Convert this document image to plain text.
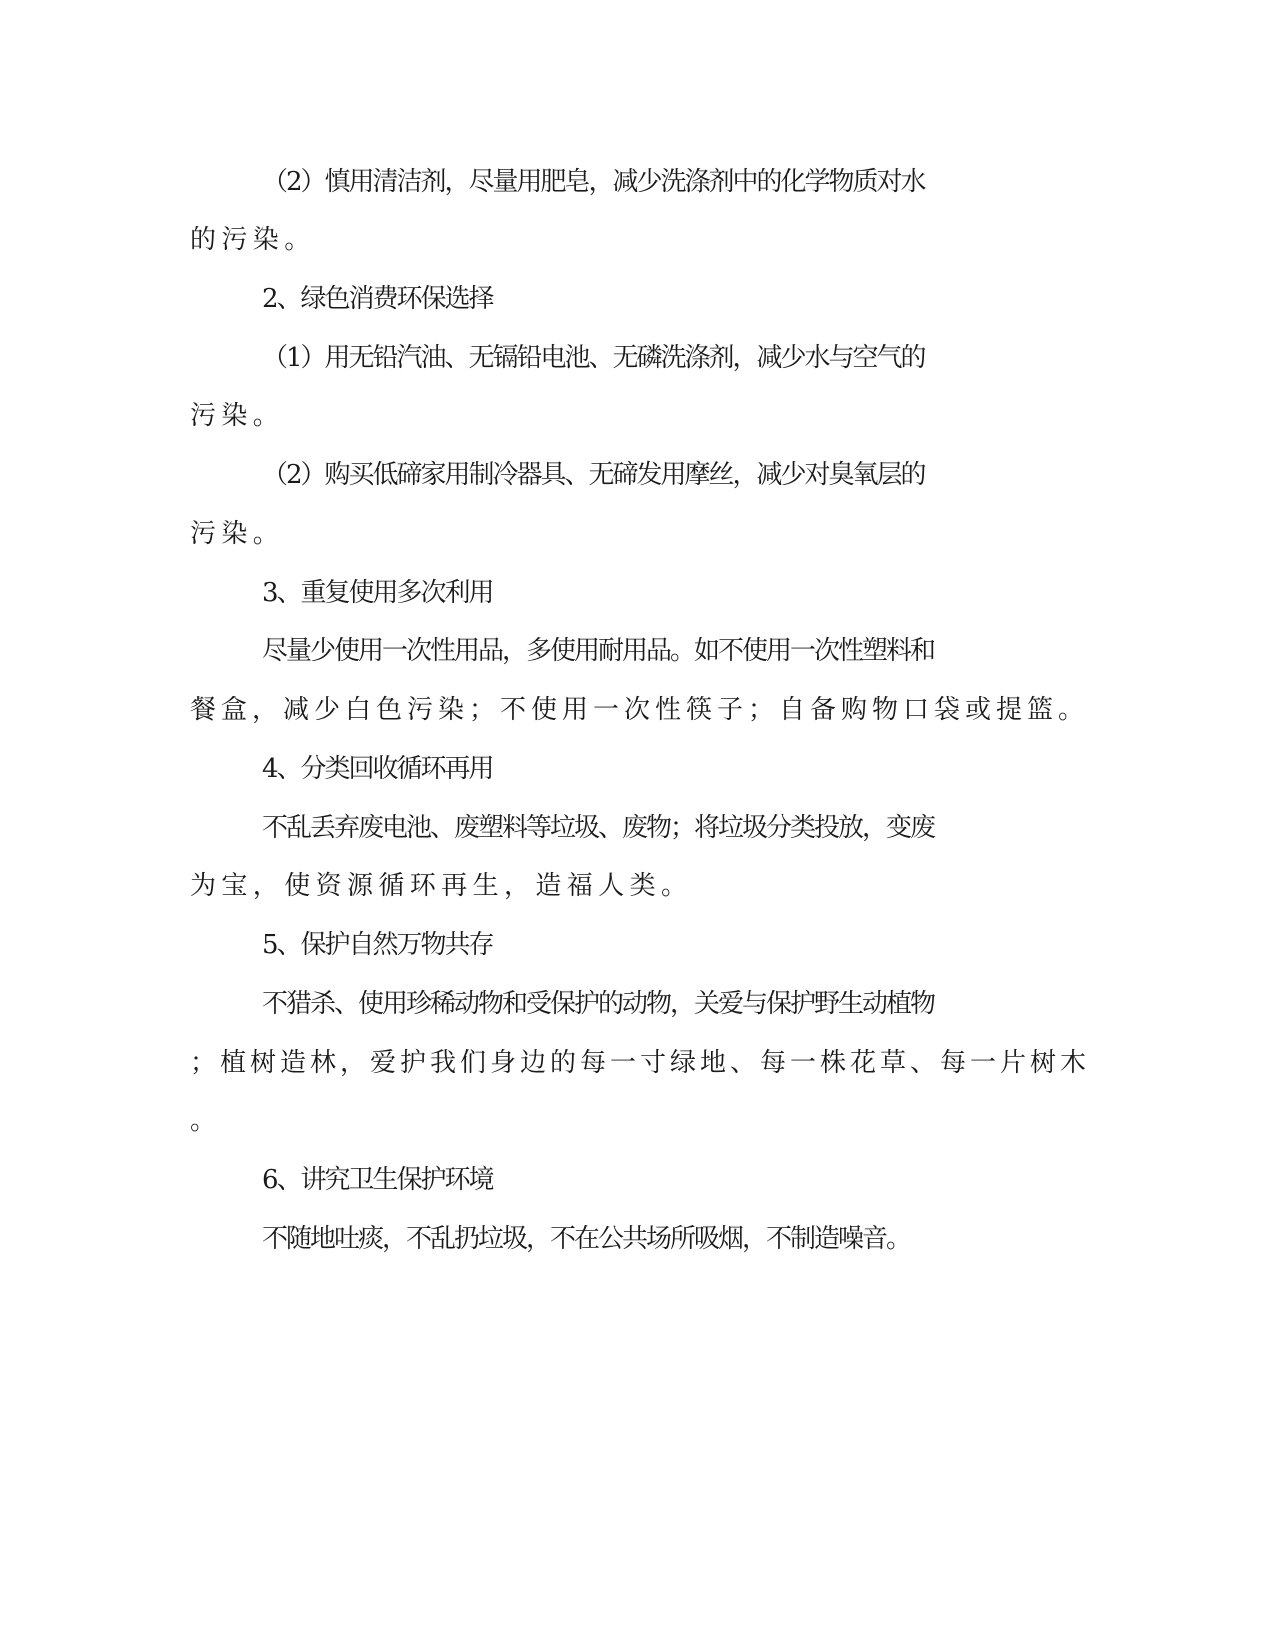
（2）慎用清洁剂，尽量用肥皂，减少洗涤剂中的化学物质对水
的污染。
2、绿色消费环保选择
（1）用无铅汽油、无镉铅电池、无磷洗涤剂，减少水与空气的
污染。
（2）购买低碲家用制冷器具、无碲发用摩丝，减少对臭氧层的
污染。
3、重复使用多次利用
尽量少使用一次性用品，多使用耐用品。如不使用一次性塑料和
餐盒，减少白色污染；不使用一次性筷子；自备购物口袋或提篮。
4、分类回收循环再用
不乱丢弃废电池、废塑料等垃圾、废物；将垃圾分类投放，变废
为宝，使资源循环再生，造福人类。
5、保护自然万物共存
不猎杀、使用珍稀动物和受保护的动物，关爱与保护野生动植物
；植树造林，爱护我们身边的每一寸绿地、每一株花草、每一片树木
。
6、讲究卫生保护环境
不随地吐痰，不乱扔垃圾，不在公共场所吸烟，不制造噪音。
